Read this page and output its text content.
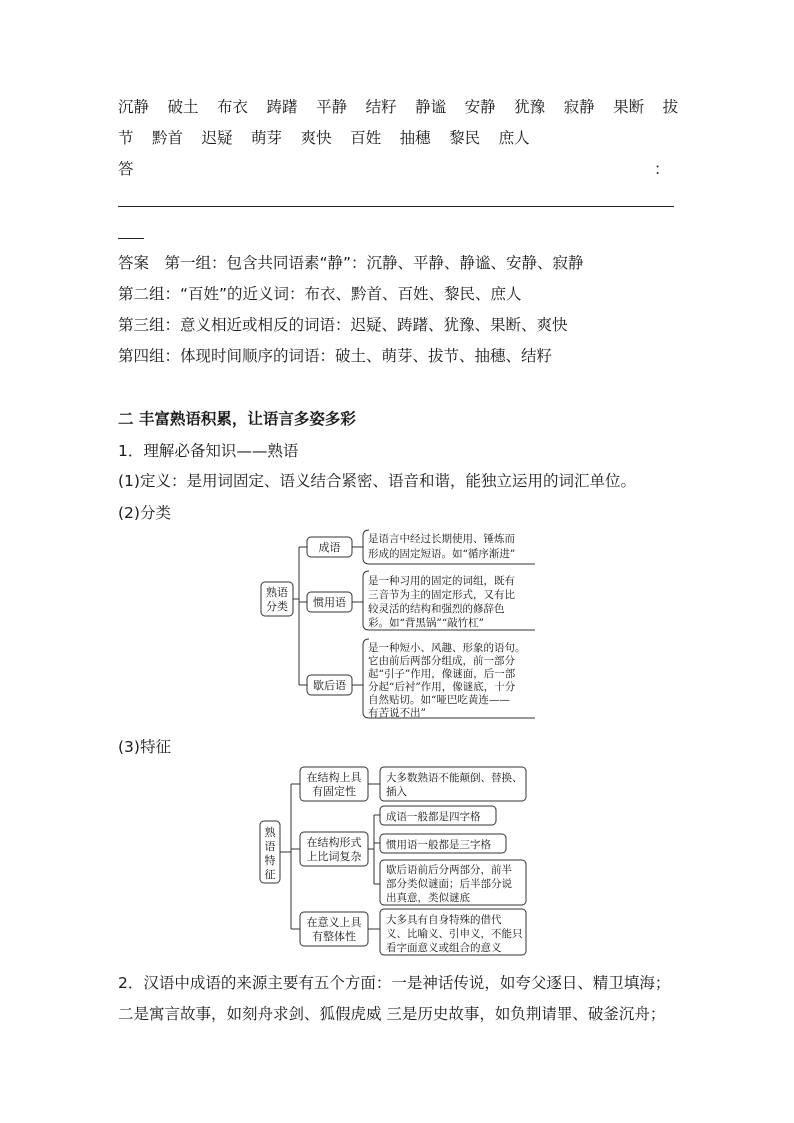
沉静 破土 布衣 踌躇 平静 结籽 静谧 安静 犹豫 寂静 果断 拔
节 黔首 迟疑 萌芽 爽快 百姓 抽穗 黎民 庶人
答	：
答案　第一组：包含共同语素“静”：沉静、平静、静谧、安静、寂静
第二组：“百姓”的近义词：布衣、黔首、百姓、黎民、庶人
第三组：意义相近或相反的词语：迟疑、踌躇、犹豫、果断、爽快
第四组：体现时间顺序的词语：破土、萌芽、拔节、抽穗、结籽
二 丰富熟语积累，让语言多姿多彩
1．理解必备知识——熟语
(1)定义：是用词固定、语义结合紧密、语音和谐，能独立运用的词汇单位。
(2)分类
熟语
分类
成语
惯用语
歇后语
是语言中经过长期使用、锤炼而
形成的固定短语。如“循序渐进”
是一种习用的固定的词组，既有
三音节为主的固定形式，又有比
较灵活的结构和强烈的修辞色
彩。如“背黑锅”“敲竹杠”
是一种短小、风趣、形象的语句。
它由前后两部分组成，前一部分
起“引子”作用，像谜面，后一部
分起“后衬”作用，像谜底，十分
自然贴切。如“哑巴吃黄连——
有苦说不出”
(3)特征
熟
语
特
征
在结构上具
有固定性
在结构形式
上比词复杂
在意义上具
有整体性
大多数熟语不能颠倒、替换、
插入
成语一般都是四字格
惯用语一般都是三字格
歇后语前后分两部分，前半
部分类似谜面；后半部分说
出真意，类似谜底
大多具有自身特殊的借代
义、比喻义、引申义，不能只
看字面意义或组合的意义
2．汉语中成语的来源主要有五个方面：一是神话传说，如夸父逐日、精卫填海；
二是寓言故事，如刻舟求剑、狐假虎威 三是历史故事，如负荆请罪、破釜沉舟；
